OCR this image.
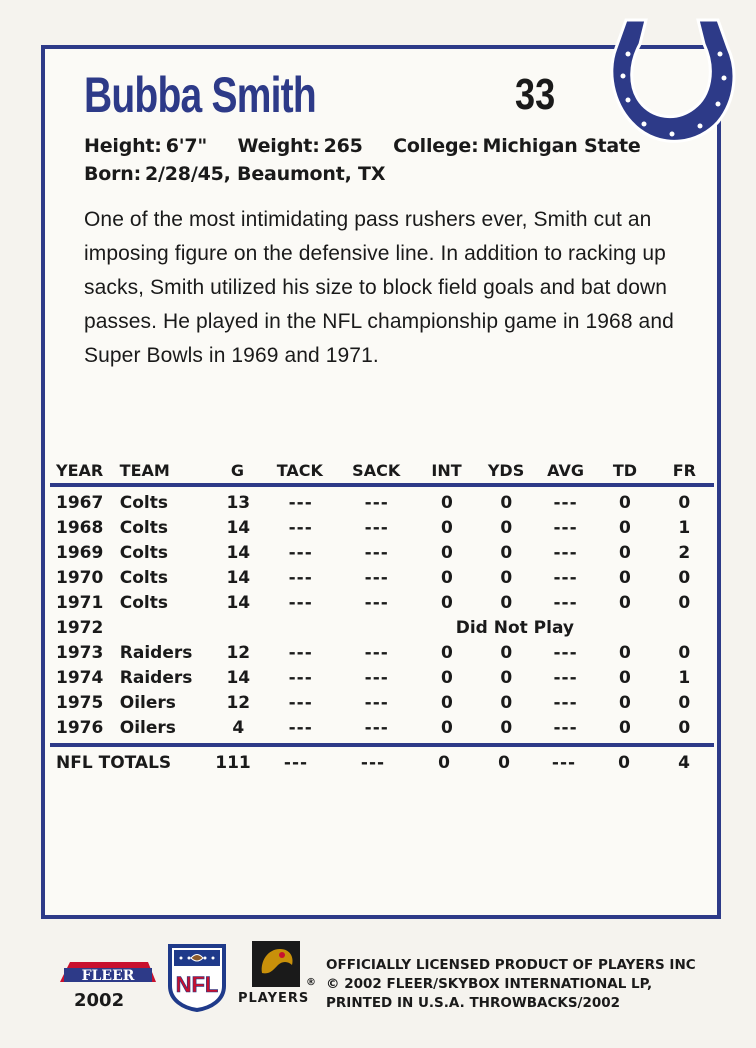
Bubba Smith	33
Height: 6'7" Weight: 265 College: Michigan State
Born: 2/28/45, Beaumont, TX
One of the most intimidating pass rushers ever, Smith cut an imposing figure on the defensive line. In addition to racking up sacks, Smith utilized his size to block field goals and bat down passes. He played in the NFL championship game in 1968 and Super Bowls in 1969 and 1971.
YEAR	TEAM	G	TACK	SACK	INT	YDS	AVG	TD	FR
1967	Colts	13	---	---	0	0	---	0	0
1968	Colts	14	---	---	0	0	---	0	1
1969	Colts	14	---	---	0	0	---	0	2
1970	Colts	14	---	---	0	0	---	0	0
1971	Colts	14	---	---	0	0	---	0	0
1972	Did Not Play								
1973	Raiders	12	---	---	0	0	---	0	0
1974	Raiders	14	---	---	0	0	---	0	1
1975	Oilers	12	---	---	0	0	---	0	0
1976	Oilers	4	---	---	0	0	---	0	0
NFL TOTALS	111	---	---	0	0	---	0	4
FLEER
2002
NFL
PLAYERS
®
OFFICIALLY LICENSED PRODUCT OF PLAYERS INC
© 2002 FLEER/SKYBOX INTERNATIONAL LP,
PRINTED IN U.S.A. THROWBACKS/2002
